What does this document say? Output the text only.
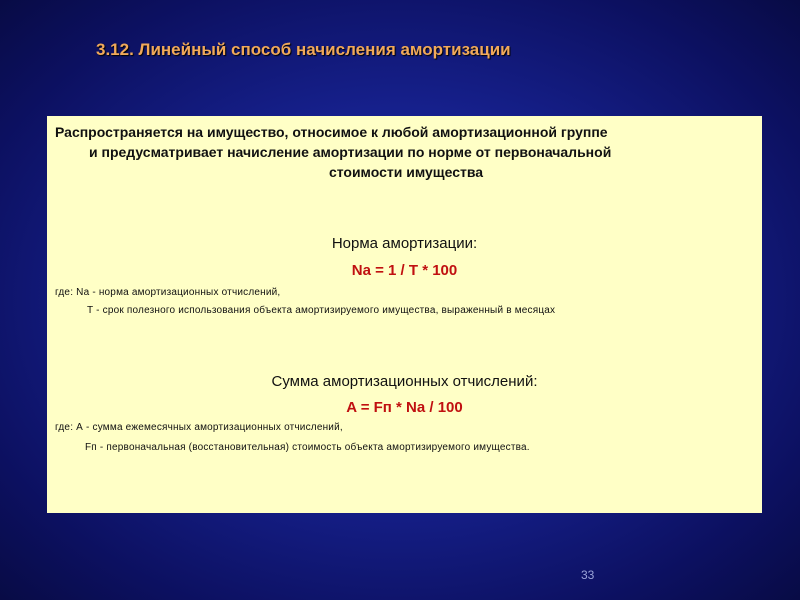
3.12. Линейный способ начисления амортизации
Распространяется на имущество, относимое к любой амортизационной группе
и предусматривает начисление амортизации по норме от первоначальной
стоимости имущества
Норма амортизации:
Nа = 1 / T * 100
где: Nа - норма амортизационных отчислений,
T - срок полезного использования объекта амортизируемого имущества, выраженный в месяцах
Сумма амортизационных отчислений:
A = Fп * Nа / 100
где: А - сумма ежемесячных амортизационных отчислений,
Fп - первоначальная (восстановительная) стоимость объекта амортизируемого имущества.
33
